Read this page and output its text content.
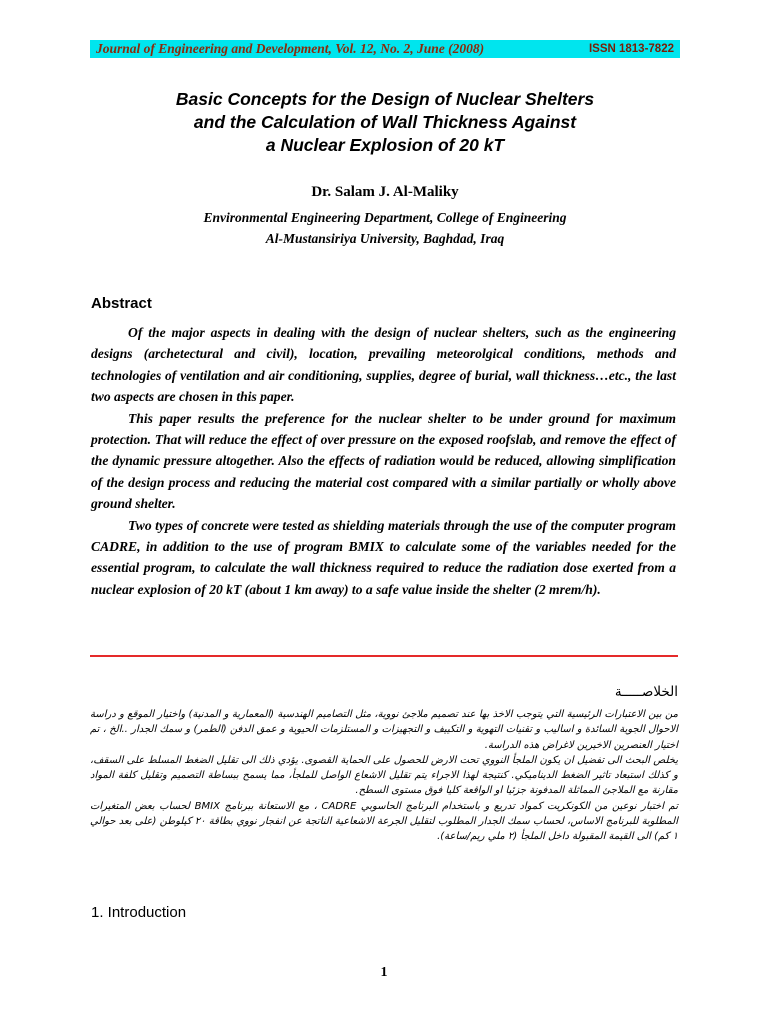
Journal of Engineering and Development, Vol. 12, No. 2, June (2008)	ISSN 1813-7822
Basic Concepts for the Design of Nuclear Shelters
and the Calculation of Wall Thickness Against
a Nuclear Explosion of 20 kT
Dr. Salam J. Al-Maliky
Environmental Engineering Department, College of Engineering
Al-Mustansiriya University, Baghdad, Iraq
Abstract

Of the major aspects in dealing with the design of nuclear shelters, such as the engineering designs (archetectural and civil), location, prevailing meteorolgical conditions, methods and technologies of ventilation and air conditioning, supplies, degree of burial, wall thickness…etc., the last two aspects are chosen in this paper.

This paper results the preference for the nuclear shelter to be under ground for maximum protection. That will reduce the effect of over pressure on the exposed roofslab, and remove the effect of the dynamic pressure altogether. Also the effects of radiation would be reduced, allowing simplification of the design process and reducing the material cost compared with a similar partially or wholly above ground shelter.

Two types of concrete were tested as shielding materials through the use of the computer program CADRE, in addition to the use of program BMIX to calculate some of the variables needed for the essential program, to calculate the wall thickness required to reduce the radiation dose exerted from a nuclear explosion of 20 kT (about 1 km away) to a safe value inside the shelter (2 mrem/h).

الخلاصـــــة

من بين الاعتبارات الرئيسية التي يتوجب الاخذ بها عند تصميم ملاجئ نووية، مثل التصاميم الهندسية (المعمارية و المدنية) واختيار الموقع و دراسة الاحوال الجوية السائدة و اساليب و تقنيات التهوية و التكييف و التجهيزات و المستلزمات الحيوية و عمق الدفن (الطمر) و سمك الجدار ..الخ ، تم اختيار العنصرين الاخيرين لاغراض هذه الدراسة.

يخلص البحث الى تفضيل ان يكون الملجأ النووي تحت الارض للحصول على الحماية القصوى. يؤدي ذلك الى تقليل الضغط المسلط على السقف، و كذلك استبعاد تاثير الضغط الديناميكي. كنتيجة لهذا الاجراء يتم تقليل الاشعاع الواصل للملجأ، مما يسمح ببساطة التصميم وتقليل كلفة المواد مقارنة مع الملاجئ المماثلة المدفونة جزئيا او الواقعة كليا فوق مستوى السطح.

تم اختبار نوعين من الكونكريت كمواد تدريع و باستخدام البرنامج الحاسوبي CADRE ، مع الاستعانة ببرنامج BMIX لحساب بعض المتغيرات المطلوبة للبرنامج الاساس، لحساب سمك الجدار المطلوب لتقليل الجرعة الاشعاعية الناتجة عن انفجار نووي بطاقة ٢٠ كيلوطن (على بعد حوالي ١ كم) الى القيمة المقبولة داخل الملجأ (٢ ملي ريم/ساعة).

1. Introduction
1
